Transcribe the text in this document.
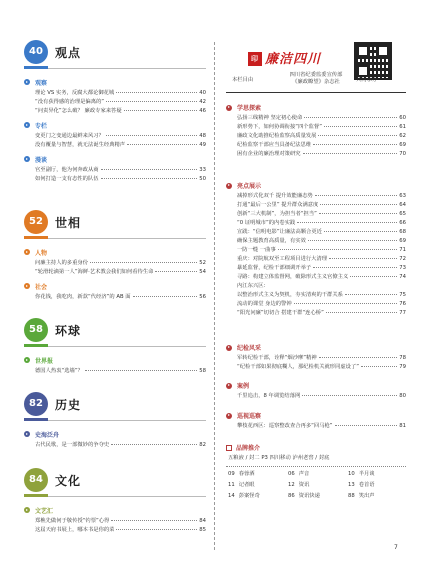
40	观点
观察
理论 VS 实务，反腐大都论御花城	40
“没有获得感的治理是偏离的”	42
“问责异化”怎么破？ 廉政专家来答疑	46
专栏
变更门之变通边最鲜来风习？	48
没有覆量与智慧，就无法诞生经典精声	49
漫谈
官至副厅，他为何奔政从商	33
如何打造一支有态性的队伍	50
52	世相
人物
问廉主持人的多重身份	52
“轮滑轮滴第一人”海鲜·艺术教会我们如何看待生命	54
社会
你花钱，我吃肉，新款“代经济”的 AB 面	56
58	环球
世界报
德国人热衷“选墙”？	58
82	历史
史海泛舟
古代民歌，是一部微妙的争夺史	82
84	文化
文艺汇
郑樵先做何于敬传授“钓票”心得	84
这届天府书展上，哪本书是你的菜	85
印 廉洁四川
本栏目由
四川省纪委监委宣传部
《廉政瞭望》杂志社	共同承办
学思探索
弘扬三线精神 坚定初心使命	60
新形势下，如何协调衔接“四个监督”	61
廉政文化助推纪检监察高质量发展	62
纪检监察干部应当具备纪法思维	69
困有企业的廉治理对策研究	70
亮点展示
减掉形式化双千 提升效能廉态势	63
打通“最后一公里” 提升群众满意度	64
创新“三大机制”，为担当者“担当”	65
“0 证明城市”的内卷实践	66
宣践：“信明电影”让廉法高颗合更近	68
确保主题教育高质量，有实效	69
一防一缝 一曲事	71
重庆：对院航双至工程项目进行大清理	72
暴延监督，纪检干部细调开举子	73
寻路：构建立体监督网，破除形式主义官僚主义	74
内江东兴区：
以整治形式主义为契机，夯实清爽的干群关系	75
流动的课堂 身边的警钟	76
“阳光问廉”切切合 搭建干群“连心桥”	77
纪检风采
军转纪检干部，诠释“烟沙摩”精神	78
“纪检干部如果彻底糊人，那纪检机关就形同虚设了”	79
案例
千里追击，8 年调览结落网	80
巡视巡察
攀枝花西区：巡察整改查合再多“回马枪”	81
品牌推介
五粮液 / 封二 P3 四川移动 泸州老窖 / 封底
09 春蓉酒	06 声音	10 半月谈
11 记者眼	12 资讯	13 卷首语
14 彭案怪奇	86 资讯快递	88 笑出声
7
